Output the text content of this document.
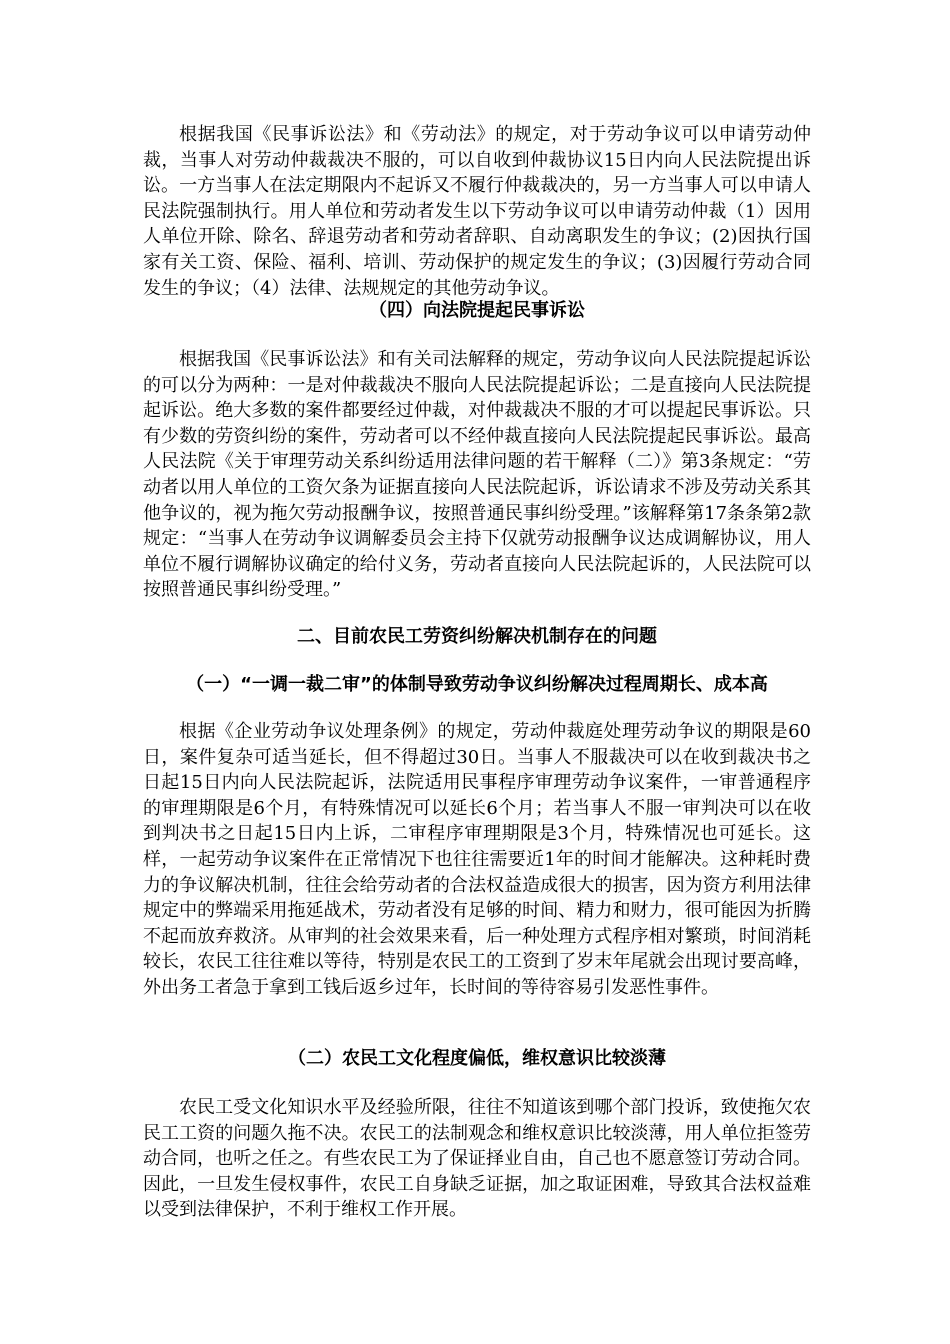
根据我国《民事诉讼法》和《劳动法》的规定，对于劳动争议可以申请劳动仲裁，当事人对劳动仲裁裁决不服的，可以自收到仲裁协议15日内向人民法院提出诉讼。一方当事人在法定期限内不起诉又不履行仲裁裁决的，另一方当事人可以申请人民法院强制执行。用人单位和劳动者发生以下劳动争议可以申请劳动仲裁（1）因用人单位开除、除名、辞退劳动者和劳动者辞职、自动离职发生的争议；(2)因执行国家有关工资、保险、福利、培训、劳动保护的规定发生的争议；(3)因履行劳动合同发生的争议；（4）法律、法规规定的其他劳动争议。

（四）向法院提起民事诉讼

根据我国《民事诉讼法》和有关司法解释的规定，劳动争议向人民法院提起诉讼的可以分为两种：一是对仲裁裁决不服向人民法院提起诉讼；二是直接向人民法院提起诉讼。绝大多数的案件都要经过仲裁，对仲裁裁决不服的才可以提起民事诉讼。只有少数的劳资纠纷的案件，劳动者可以不经仲裁直接向人民法院提起民事诉讼。最高人民法院《关于审理劳动关系纠纷适用法律问题的若干解释（二）》第3条规定：“劳动者以用人单位的工资欠条为证据直接向人民法院起诉，诉讼请求不涉及劳动关系其他争议的，视为拖欠劳动报酬争议，按照普通民事纠纷受理。”该解释第17条条第2款规定：“当事人在劳动争议调解委员会主持下仅就劳动报酬争议达成调解协议，用人单位不履行调解协议确定的给付义务，劳动者直接向人民法院起诉的，人民法院可以按照普通民事纠纷受理。”

二、目前农民工劳资纠纷解决机制存在的问题
（一）“一调一裁二审”的体制导致劳动争议纠纷解决过程周期长、成本高

根据《企业劳动争议处理条例》的规定，劳动仲裁庭处理劳动争议的期限是60日，案件复杂可适当延长，但不得超过30日。当事人不服裁决可以在收到裁决书之日起15日内向人民法院起诉，法院适用民事程序审理劳动争议案件，一审普通程序的审理期限是6个月，有特殊情况可以延长6个月；若当事人不服一审判决可以在收到判决书之日起15日内上诉，二审程序审理期限是3个月，特殊情况也可延长。这样，一起劳动争议案件在正常情况下也往往需要近1年的时间才能解决。这种耗时费力的争议解决机制，往往会给劳动者的合法权益造成很大的损害，因为资方利用法律规定中的弊端采用拖延战术，劳动者没有足够的时间、精力和财力，很可能因为折腾不起而放弃救济。从审判的社会效果来看，后一种处理方式程序相对繁琐，时间消耗较长，农民工往往难以等待，特别是农民工的工资到了岁末年尾就会出现讨要高峰，外出务工者急于拿到工钱后返乡过年，长时间的等待容易引发恶性事件。

（二）农民工文化程度偏低，维权意识比较淡薄

农民工受文化知识水平及经验所限，往往不知道该到哪个部门投诉，致使拖欠农民工工资的问题久拖不决。农民工的法制观念和维权意识比较淡薄，用人单位拒签劳动合同，也听之任之。有些农民工为了保证择业自由，自己也不愿意签订劳动合同。因此，一旦发生侵权事件，农民工自身缺乏证据，加之取证困难，导致其合法权益难以受到法律保护，不利于维权工作开展。
